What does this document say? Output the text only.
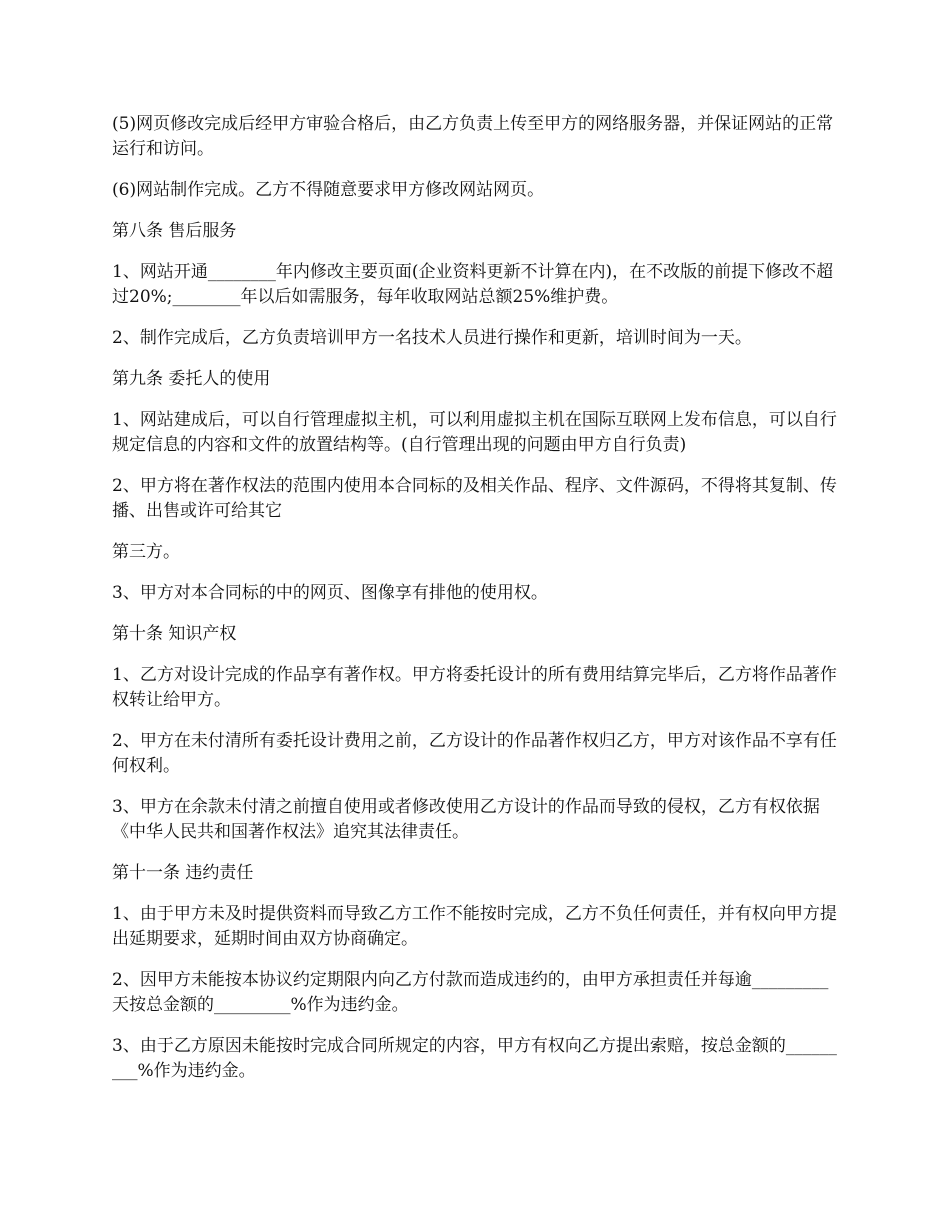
(5)网页修改完成后经甲方审验合格后，由乙方负责上传至甲方的网络服务器，并保证网站的正常运行和访问。

(6)网站制作完成。乙方不得随意要求甲方修改网站网页。

第八条 售后服务

1、网站开通________年内修改主要页面(企业资料更新不计算在内)，在不改版的前提下修改不超过20%;________年以后如需服务，每年收取网站总额25%维护费。

2、制作完成后，乙方负责培训甲方一名技术人员进行操作和更新，培训时间为一天。

第九条 委托人的使用

1、网站建成后，可以自行管理虚拟主机，可以利用虚拟主机在国际互联网上发布信息，可以自行规定信息的内容和文件的放置结构等。(自行管理出现的问题由甲方自行负责)

2、甲方将在著作权法的范围内使用本合同标的及相关作品、程序、文件源码，不得将其复制、传播、出售或许可给其它

第三方。

3、甲方对本合同标的中的网页、图像享有排他的使用权。

第十条 知识产权

1、乙方对设计完成的作品享有著作权。甲方将委托设计的所有费用结算完毕后，乙方将作品著作权转让给甲方。

2、甲方在未付清所有委托设计费用之前，乙方设计的作品著作权归乙方，甲方对该作品不享有任何权利。

3、甲方在余款未付清之前擅自使用或者修改使用乙方设计的作品而导致的侵权，乙方有权依据《中华人民共和国著作权法》追究其法律责任。

第十一条 违约责任

1、由于甲方未及时提供资料而导致乙方工作不能按时完成，乙方不负任何责任，并有权向甲方提出延期要求，延期时间由双方协商确定。

2、因甲方未能按本协议约定期限内向乙方付款而造成违约的，由甲方承担责任并每逾_________天按总金额的_________%作为违约金。

3、由于乙方原因未能按时完成合同所规定的内容，甲方有权向乙方提出索赔，按总金额的_________%作为违约金。
